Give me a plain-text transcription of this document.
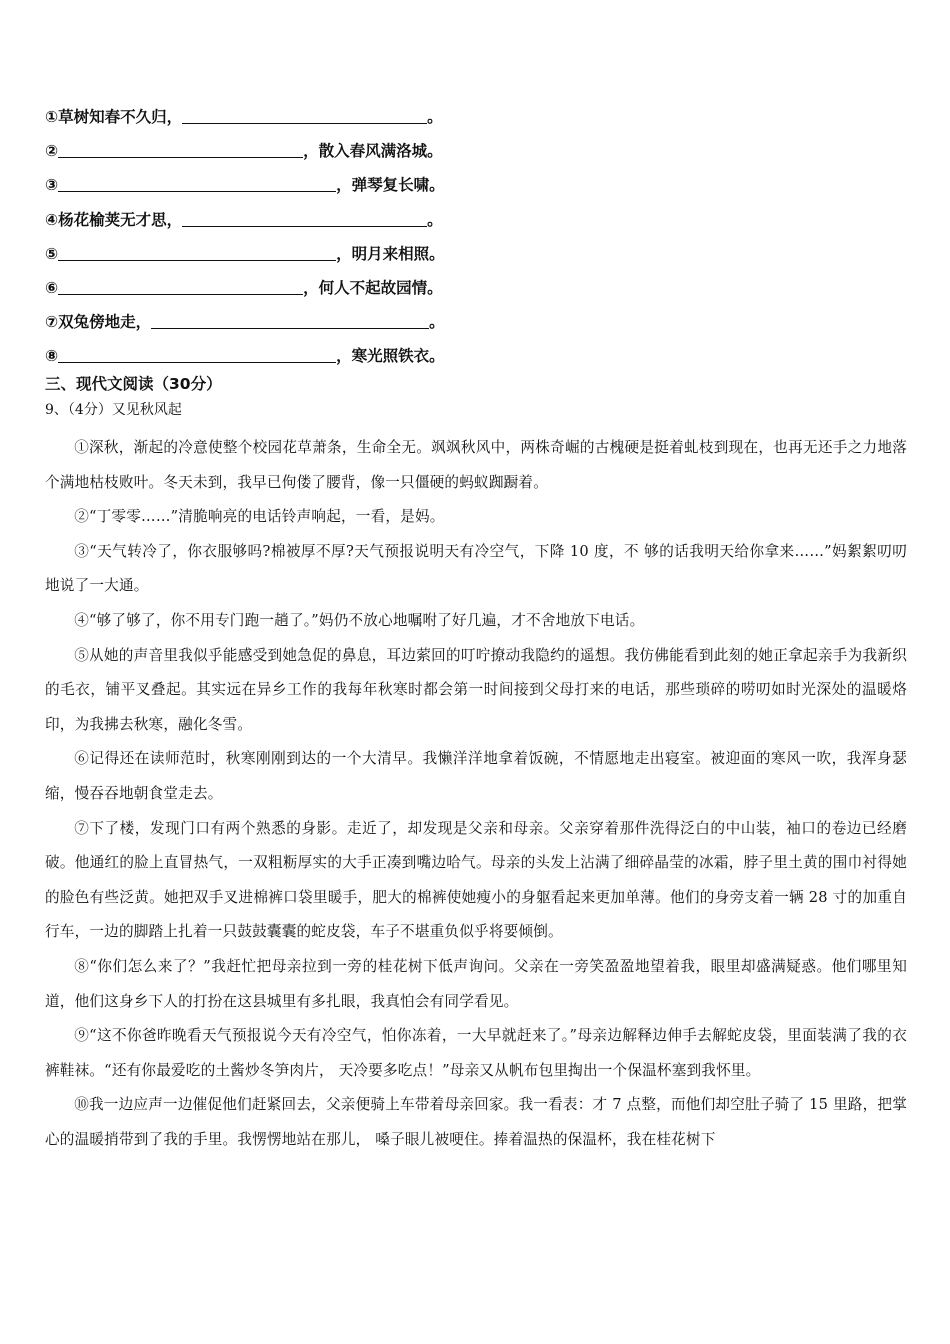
①草树知春不久归，	。
②	，散入春风满洛城。
③	，弹琴复长啸。
④杨花榆荚无才思，	。
⑤	，明月来相照。
⑥	，何人不起故园情。
⑦双兔傍地走，	。
⑧	，寒光照铁衣。
三、现代文阅读（30分）
9、（4分）又见秋风起

①深秋，渐起的冷意使整个校园花草萧条，生命全无。飒飒秋风中，两株奇崛的古槐硬是挺着虬枝到现在，也再无还手之力地落个满地枯枝败叶。冬天未到，我早已佝偻了腰背，像一只僵硬的蚂蚁踟蹰着。

②“丁零零……”清脆响亮的电话铃声响起，一看，是妈。

③“天气转冷了，你衣服够吗?棉被厚不厚?天气预报说明天有冷空气，下降 10 度，不 够的话我明天给你拿来……”妈絮絮叨叨地说了一大通。

④“够了够了，你不用专门跑一趟了。”妈仍不放心地嘱咐了好几遍，才不舍地放下电话。

⑤从她的声音里我似乎能感受到她急促的鼻息，耳边萦回的叮咛撩动我隐约的遥想。我仿佛能看到此刻的她正拿起亲手为我新织的毛衣，铺平叉叠起。其实远在异乡工作的我每年秋寒时都会第一时间接到父母打来的电话，那些琐碎的唠叨如时光深处的温暖烙印，为我拂去秋寒，融化冬雪。

⑥记得还在读师范时，秋寒刚刚到达的一个大清早。我懒洋洋地拿着饭碗，不情愿地走出寝室。被迎面的寒风一吹，我浑身瑟缩，慢吞吞地朝食堂走去。

⑦下了楼，发现门口有两个熟悉的身影。走近了，却发现是父亲和母亲。父亲穿着那件洗得泛白的中山装，袖口的卷边已经磨破。他通红的脸上直冒热气，一双粗粝厚实的大手正凑到嘴边哈气。母亲的头发上沾满了细碎晶莹的冰霜，脖子里土黄的围巾衬得她的脸色有些泛黄。她把双手叉进棉裤口袋里暖手，肥大的棉裤使她瘦小的身躯看起来更加单薄。他们的身旁支着一辆 28 寸的加重自行车，一边的脚踏上扎着一只鼓鼓囊囊的蛇皮袋，车子不堪重负似乎将要倾倒。

⑧“你们怎么来了？”我赶忙把母亲拉到一旁的桂花树下低声询问。父亲在一旁笑盈盈地望着我，眼里却盛满疑惑。他们哪里知道，他们这身乡下人的打扮在这县城里有多扎眼，我真怕会有同学看见。

⑨“这不你爸昨晚看天气预报说今天有冷空气，怕你冻着，一大早就赶来了。”母亲边解释边伸手去解蛇皮袋，里面装满了我的衣裤鞋袜。“还有你最爱吃的土酱炒冬笋肉片， 天冷要多吃点！”母亲又从帆布包里掏出一个保温杯塞到我怀里。

⑩我一边应声一边催促他们赶紧回去，父亲便骑上车带着母亲回家。我一看表：才 7 点整，而他们却空肚子骑了 15 里路，把掌心的温暖捎带到了我的手里。我愣愣地站在那儿， 嗓子眼儿被哽住。捧着温热的保温杯，我在桂花树下
